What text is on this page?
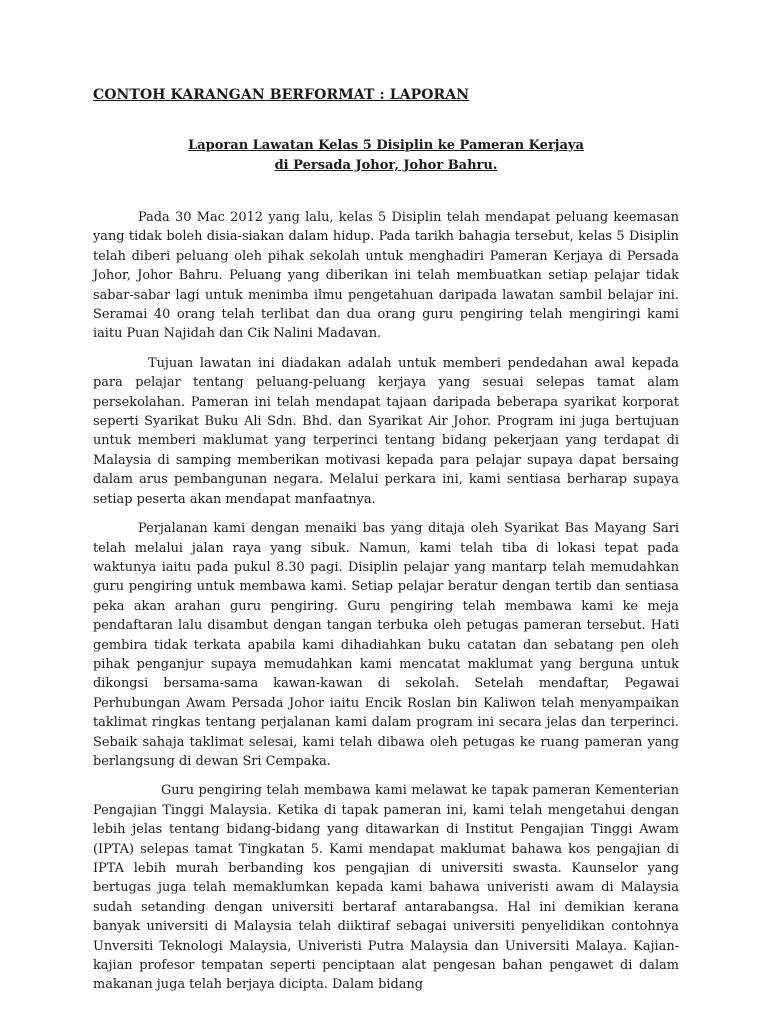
CONTOH KARANGAN BERFORMAT : LAPORAN
Laporan Lawatan Kelas 5 Disiplin ke Pameran Kerjaya
di Persada Johor, Johor Bahru.

Pada 30 Mac 2012 yang lalu, kelas 5 Disiplin telah mendapat peluang keemasan yang tidak boleh disia-siakan dalam hidup. Pada tarikh bahagia tersebut, kelas 5 Disiplin telah diberi peluang oleh pihak sekolah untuk menghadiri Pameran Kerjaya di Persada Johor, Johor Bahru. Peluang yang diberikan ini telah membuatkan setiap pelajar tidak sabar-sabar lagi untuk menimba ilmu pengetahuan daripada lawatan sambil belajar ini. Seramai 40 orang telah terlibat dan dua orang guru pengiring telah mengiringi kami iaitu Puan Najidah dan Cik Nalini Madavan.

Tujuan lawatan ini diadakan adalah untuk memberi pendedahan awal kepada para pelajar tentang peluang-peluang kerjaya yang sesuai selepas tamat alam persekolahan. Pameran ini telah mendapat tajaan daripada beberapa syarikat korporat seperti Syarikat Buku Ali Sdn. Bhd. dan Syarikat Air Johor. Program ini juga bertujuan untuk memberi maklumat yang terperinci tentang bidang pekerjaan yang terdapat di Malaysia di samping memberikan motivasi kepada para pelajar supaya dapat bersaing dalam arus pembangunan negara. Melalui perkara ini, kami sentiasa berharap supaya setiap peserta akan mendapat manfaatnya.

Perjalanan kami dengan menaiki bas yang ditaja oleh Syarikat Bas Mayang Sari telah melalui jalan raya yang sibuk. Namun, kami telah tiba di lokasi tepat pada waktunya iaitu pada pukul 8.30 pagi. Disiplin pelajar yang mantarp telah memudahkan guru pengiring untuk membawa kami. Setiap pelajar beratur dengan tertib dan sentiasa peka akan arahan guru pengiring. Guru pengiring telah membawa kami ke meja pendaftaran lalu disambut dengan tangan terbuka oleh petugas pameran tersebut. Hati gembira tidak terkata apabila kami dihadiahkan buku catatan dan sebatang pen oleh pihak penganjur supaya memudahkan kami mencatat maklumat yang berguna untuk dikongsi bersama-sama kawan-kawan di sekolah. Setelah mendaftar, Pegawai Perhubungan Awam Persada Johor iaitu Encik Roslan bin Kaliwon telah menyampaikan taklimat ringkas tentang perjalanan kami dalam program ini secara jelas dan terperinci. Sebaik sahaja taklimat selesai, kami telah dibawa oleh petugas ke ruang pameran yang berlangsung di dewan Sri Cempaka.

Guru pengiring telah membawa kami melawat ke tapak pameran Kementerian Pengajian Tinggi Malaysia. Ketika di tapak pameran ini, kami telah mengetahui dengan lebih jelas tentang bidang-bidang yang ditawarkan di Institut Pengajian Tinggi Awam (IPTA) selepas tamat Tingkatan 5. Kami mendapat maklumat bahawa kos pengajian di IPTA lebih murah berbanding kos pengajian di universiti swasta. Kaunselor yang bertugas juga telah memaklumkan kepada kami bahawa univeristi awam di Malaysia sudah setanding dengan universiti bertaraf antarabangsa. Hal ini demikian kerana banyak universiti di Malaysia telah diiktiraf sebagai universiti penyelidikan contohnya Unversiti Teknologi Malaysia, Univeristi Putra Malaysia dan Universiti Malaya. Kajian-kajian profesor tempatan seperti penciptaan alat pengesan bahan pengawet di dalam makanan juga telah berjaya dicipta. Dalam bidang
